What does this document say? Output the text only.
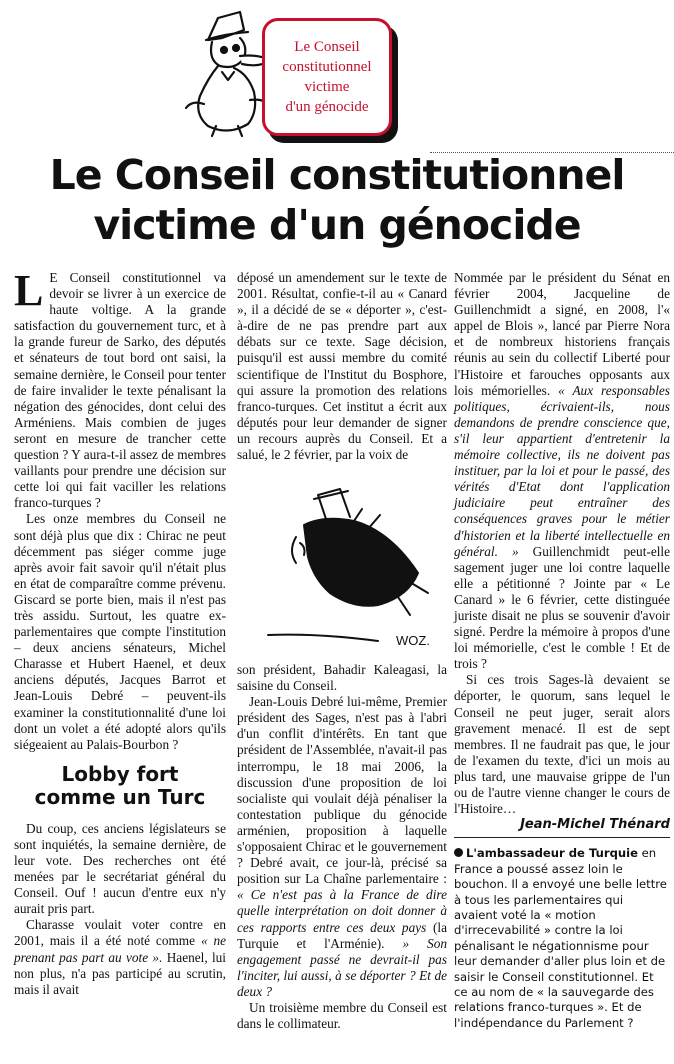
Le Conseil
constitutionnel
victime
d'un génocide
Le Conseil constitutionnel
victime d'un génocide

L E Conseil constitutionnel va devoir se livrer à un exercice de haute voltige. A la grande satisfaction du gouvernement turc, et à la grande fureur de Sarko, des députés et sénateurs de tout bord ont saisi, la semaine dernière, le Conseil pour tenter de faire invalider le texte pénalisant la négation des génocides, dont celui des Arméniens. Mais combien de juges seront en mesure de trancher cette question ? Y aura-t-il assez de membres vaillants pour prendre une décision sur cette loi qui fait vaciller les relations franco-turques ?

Les onze membres du Conseil ne sont déjà plus que dix : Chirac ne peut décemment pas siéger comme juge après avoir fait savoir qu'il n'était plus en état de comparaître comme prévenu. Giscard se porte bien, mais il n'est pas très assidu. Surtout, les quatre ex-parlementaires que compte l'institution – deux anciens sénateurs, Michel Charasse et Hubert Haenel, et deux anciens députés, Jacques Barrot et Jean-Louis Debré – peuvent-ils examiner la constitutionnalité d'une loi dont un volet a été adopté alors qu'ils siégeaient au Palais-Bourbon ?

Lobby fort
comme un Turc

Du coup, ces anciens législateurs se sont inquiétés, la semaine dernière, de leur vote. Des recherches ont été menées par le secrétariat général du Conseil. Ouf ! aucun d'entre eux n'y aurait pris part.

Charasse voulait voter contre en 2001, mais il a été noté comme « ne prenant pas part au vote ». Haenel, lui non plus, n'a pas participé au scrutin, mais il avait

déposé un amendement sur le texte de 2001. Résultat, confie-t-il au « Canard », il a décidé de se « déporter », c'est-à-dire de ne pas prendre part aux débats sur ce texte. Sage décision, puisqu'il est aussi membre du comité scientifique de l'Institut du Bosphore, qui assure la promotion des relations franco-turques. Cet institut a écrit aux députés pour leur demander de signer un recours auprès du Conseil. Et a salué, le 2 février, par la voix de

WOZ.

son président, Bahadir Kaleagasi, la saisine du Conseil.

Jean-Louis Debré lui-même, Premier président des Sages, n'est pas à l'abri d'un conflit d'intérêts. En tant que président de l'Assemblée, n'avait-il pas interrompu, le 18 mai 2006, la discussion d'une proposition de loi socialiste qui voulait déjà pénaliser la contestation publique du génocide arménien, proposition à laquelle s'opposaient Chirac et le gouvernement ? Debré avait, ce jour-là, précisé sa position sur La Chaîne parlementaire : « Ce n'est pas à la France de dire quelle interprétation on doit donner à ces rapports entre ces deux pays (la Turquie et l'Arménie). » Son engagement passé ne devrait-il pas l'inciter, lui aussi, à se déporter ? Et de deux ?

Un troisième membre du Conseil est dans le collimateur.

Nommée par le président du Sénat en février 2004, Jacqueline de Guillenchmidt a signé, en 2008, l'« appel de Blois », lancé par Pierre Nora et de nombreux historiens français réunis au sein du collectif Liberté pour l'Histoire et farouches opposants aux lois mémorielles. « Aux responsables politiques, écrivaient-ils, nous demandons de prendre conscience que, s'il leur appartient d'entretenir la mémoire collective, ils ne doivent pas instituer, par la loi et pour le passé, des vérités d'Etat dont l'application judiciaire peut entraîner des conséquences graves pour le métier d'historien et la liberté intellectuelle en général. » Guillenchmidt peut-elle sagement juger une loi contre laquelle elle a pétitionné ? Jointe par « Le Canard » le 6 février, cette distinguée juriste disait ne plus se souvenir d'avoir signé. Perdre la mémoire à propos d'une loi mémorielle, c'est le comble ! Et de trois ?

Si ces trois Sages-là devaient se déporter, le quorum, sans lequel le Conseil ne peut juger, serait alors gravement menacé. Il est de sept membres. Il ne faudrait pas que, le jour de l'examen du texte, d'ici un mois au plus tard, une mauvaise grippe de l'un ou de l'autre vienne changer le cours de l'Histoire…

Jean-Michel Thénard

L'ambassadeur de Turquie en France a poussé assez loin le bouchon. Il a envoyé une belle lettre à tous les parlementaires qui avaient voté la « motion d'irrecevabilité » contre la loi pénalisant le négationnisme pour leur demander d'aller plus loin et de saisir le Conseil constitutionnel. Et ce au nom de « la sauvegarde des relations franco-turques ». Et de l'indépendance du Parlement ?
